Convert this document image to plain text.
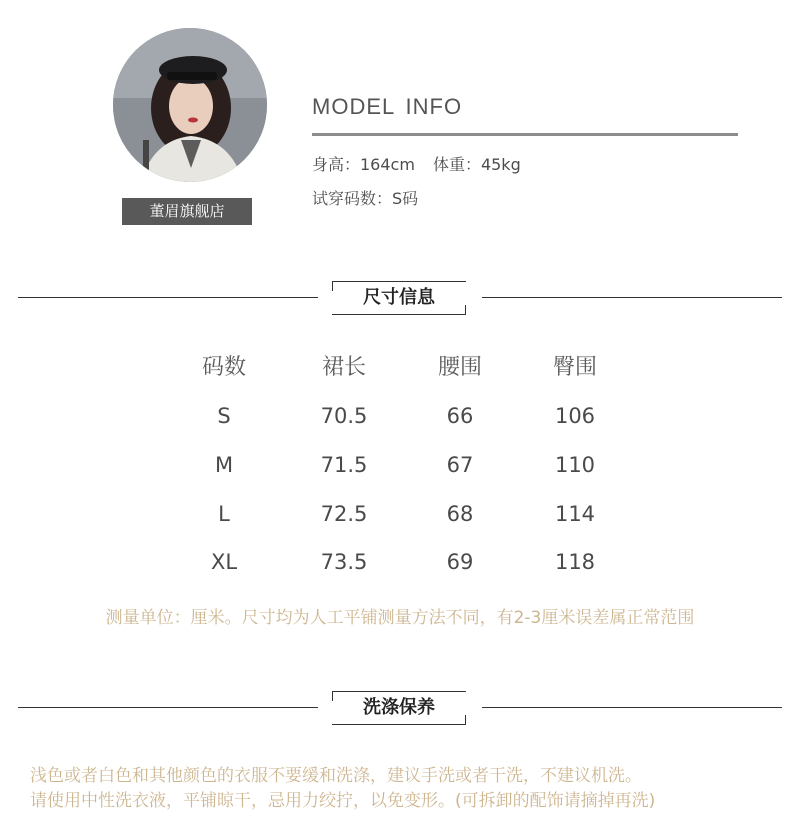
董眉旗舰店
MODEL INFO
身高：164cm 体重：45kg
试穿码数：S码
尺寸信息
码数	裙长	腰围	臀围
S	70.5	66	106
M	71.5	67	110
L	72.5	68	114
XL	73.5	69	118
测量单位：厘米。尺寸均为人工平铺测量方法不同，有2-3厘米误差属正常范围
洗涤保养
浅色或者白色和其他颜色的衣服不要缓和洗涤，建议手洗或者干洗，不建议机洗。
请使用中性洗衣液，平铺晾干，忌用力绞拧，以免变形。(可拆卸的配饰请摘掉再洗)
